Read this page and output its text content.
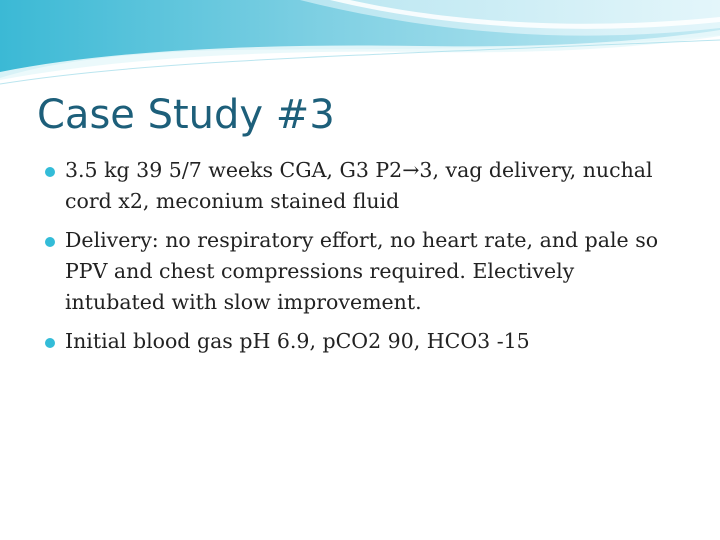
Case Study #3
3.5 kg 39 5/7 weeks CGA, G3 P2→3, vag delivery, nuchal cord x2, meconium stained fluid
Delivery: no respiratory effort, no heart rate, and pale so PPV and chest compressions required. Electively intubated with slow improvement.
Initial blood gas pH 6.9, pCO2 90, HCO3 -15
